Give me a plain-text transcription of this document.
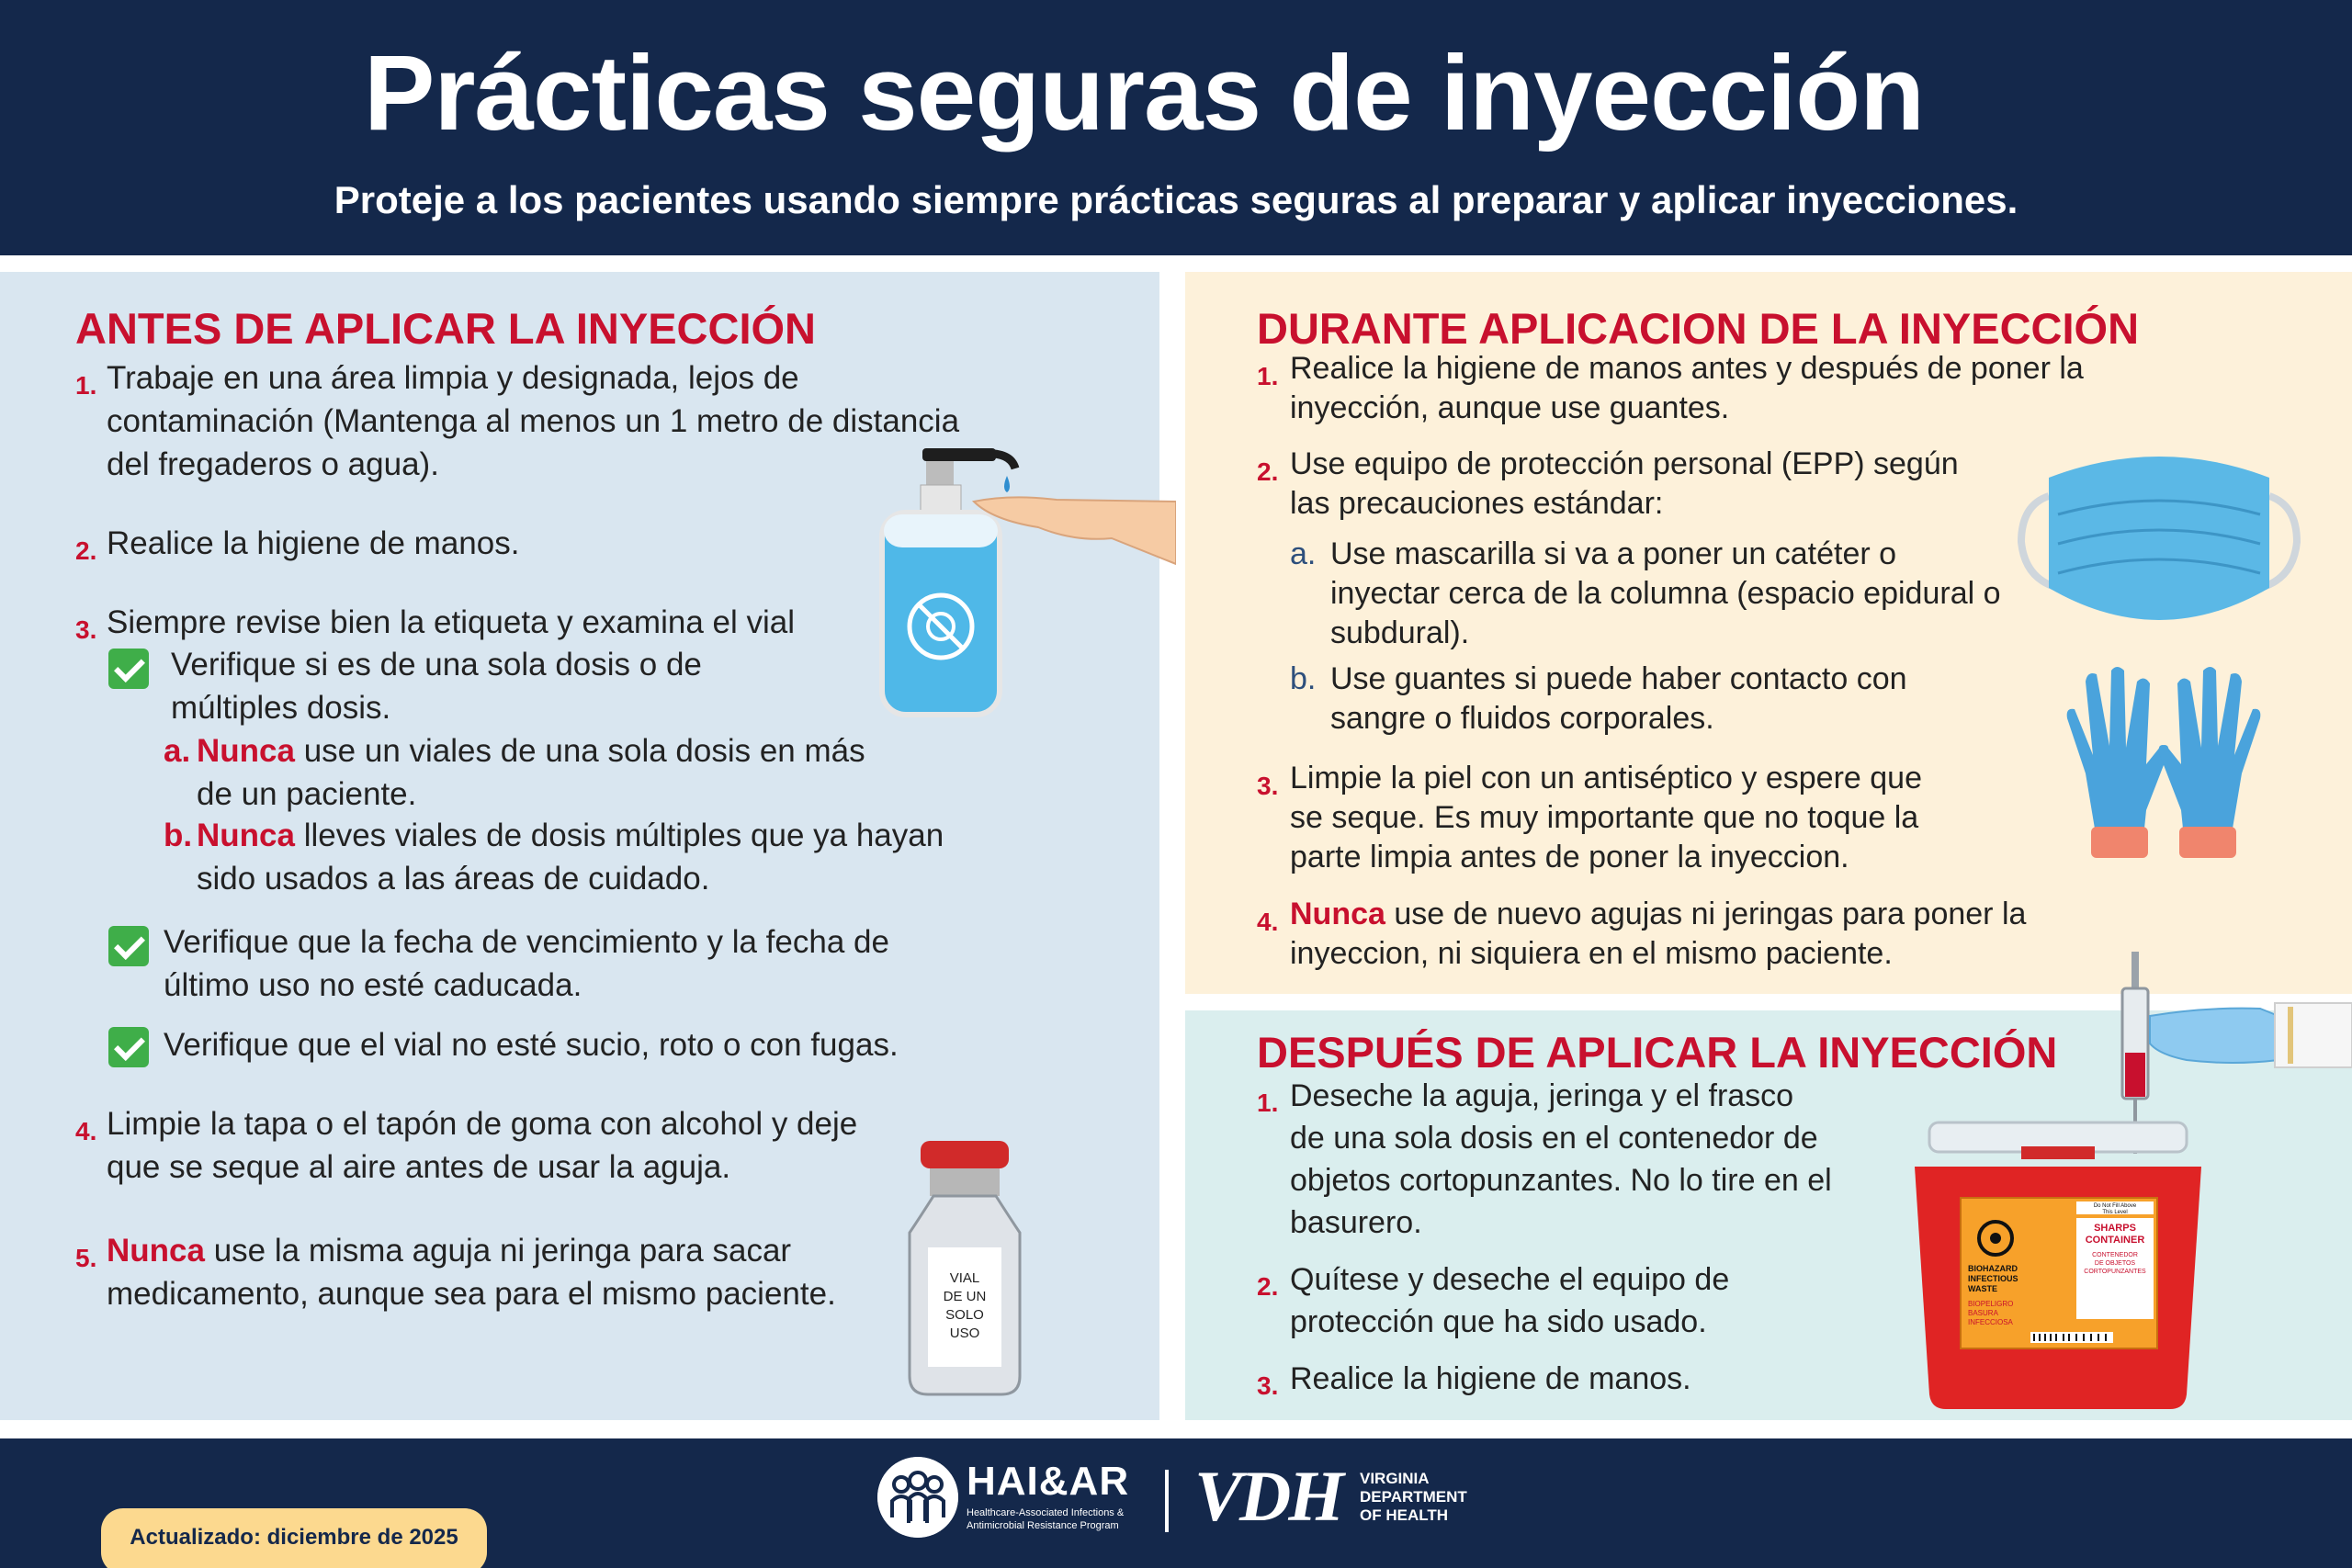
Prácticas seguras de inyección
Proteje a los pacientes usando siempre prácticas seguras al preparar y aplicar inyecciones.
ANTES DE APLICAR LA INYECCIÓN
1. Trabaje en una área limpia y designada, lejos de
contaminación (Mantenga al menos un 1 metro de distancia
del fregaderos o agua).
2. Realice la higiene de manos.
3. Siempre revise bien la etiqueta y examina el vial
Verifique si es de una sola dosis o de
múltiples dosis.
a. Nunca use un viales de una sola dosis en más
de un paciente.
b. Nunca lleves viales de dosis múltiples que ya hayan
sido usados a las áreas de cuidado.
Verifique que la fecha de vencimiento y la fecha de
último uso no esté caducada.
Verifique que el vial no esté sucio, roto o con fugas.
4. Limpie la tapa o el tapón de goma con alcohol y deje
que se seque al aire antes de usar la aguja.
5. Nunca use la misma aguja ni jeringa para sacar
medicamento, aunque sea para el mismo paciente.	VIAL
DE UN
SOLO
USO
DURANTE APLICACION DE LA INYECCIÓN
1. Realice la higiene de manos antes y después de poner la
inyección, aunque use guantes.
2. Use equipo de protección personal (EPP) según
las precauciones estándar:
a. Use mascarilla si va a poner un catéter o
inyectar cerca de la columna (espacio epidural o
subdural).
b. Use guantes si puede haber contacto con
sangre o fluidos corporales.
3. Limpie la piel con un antiséptico y espere que
se seque. Es muy importante que no toque la
parte limpia antes de poner la inyeccion.
4. Nunca use de nuevo agujas ni jeringas para poner la
inyeccion, ni siquiera en el mismo paciente.
DESPUÉS DE APLICAR LA INYECCIÓN
1. Deseche la aguja, jeringa y el frasco
de una sola dosis en el contenedor de
objetos cortopunzantes. No lo tire en el
basurero.
2. Quítese y deseche el equipo de
protección que ha sido usado.
3. Realice la higiene de manos.
Do Not Fill Above
This Level
SHARPS
CONTAINER
CONTENEDOR
DE OBJETOS
CORTOPUNZANTES
BIOHAZARD
INFECTIOUS
WASTE
BIOPELIGRO
BASURA
INFECCIOSA
Actualizado: diciembre de 2025
HAI&AR
Healthcare-Associated Infections &
Antimicrobial Resistance Program	VDH VIRGINIA
DEPARTMENT
OF HEALTH
